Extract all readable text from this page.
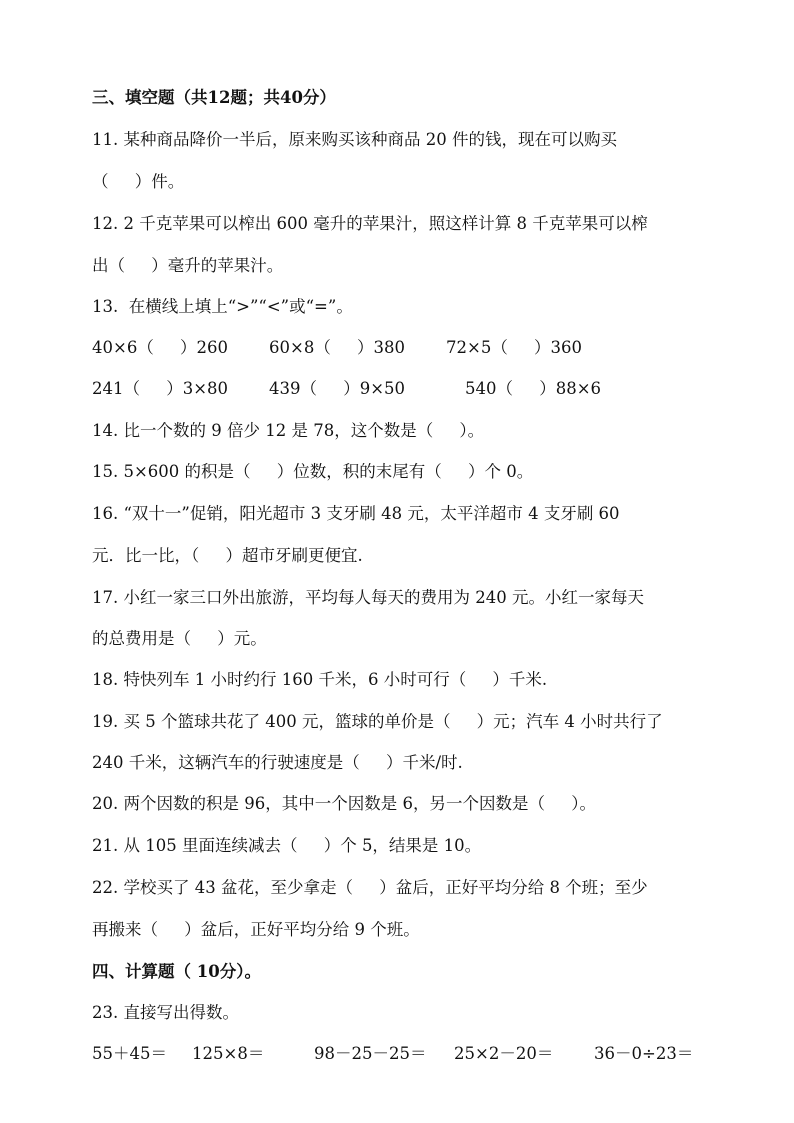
三、填空题（共12题；共40分）
11. 某种商品降价一半后，原来购买该种商品 20 件的钱，现在可以购买
（     ）件。
12. 2 千克苹果可以榨出 600 毫升的苹果汁，照这样计算 8 千克苹果可以榨
出（     ）毫升的苹果汁。
13.  在横线上填上“>”“<”或“=”。
40×6（     ）260 60×8（     ）380 72×5（     ）360
241（     ）3×80 439（     ）9×50	540（     ）88×6
14. 比一个数的 9 倍少 12 是 78，这个数是（     ）。
15. 5×600 的积是（     ）位数，积的末尾有（     ）个 0。
16. “双十一”促销，阳光超市 3 支牙刷 48 元，太平洋超市 4 支牙刷 60
元．比一比，（     ）超市牙刷更便宜.
17. 小红一家三口外出旅游，平均每人每天的费用为 240 元。小红一家每天
的总费用是（     ）元。
18. 特快列车 1 小时约行 160 千米，6 小时可行（     ）千米.
19. 买 5 个篮球共花了 400 元，篮球的单价是（     ）元；汽车 4 小时共行了
240 千米，这辆汽车的行驶速度是（     ）千米/时.
20. 两个因数的积是 96，其中一个因数是 6，另一个因数是（     ）。
21. 从 105 里面连续减去（     ）个 5，结果是 10。
22. 学校买了 43 盆花，至少拿走（     ）盆后，正好平均分给 8 个班；至少
再搬来（     ）盆后，正好平均分给 9 个班。
四、计算题（ 10分）。
23. 直接写出得数。
55＋45＝ 125×8＝	98－25－25＝ 25×2－20＝ 36－0÷23＝
